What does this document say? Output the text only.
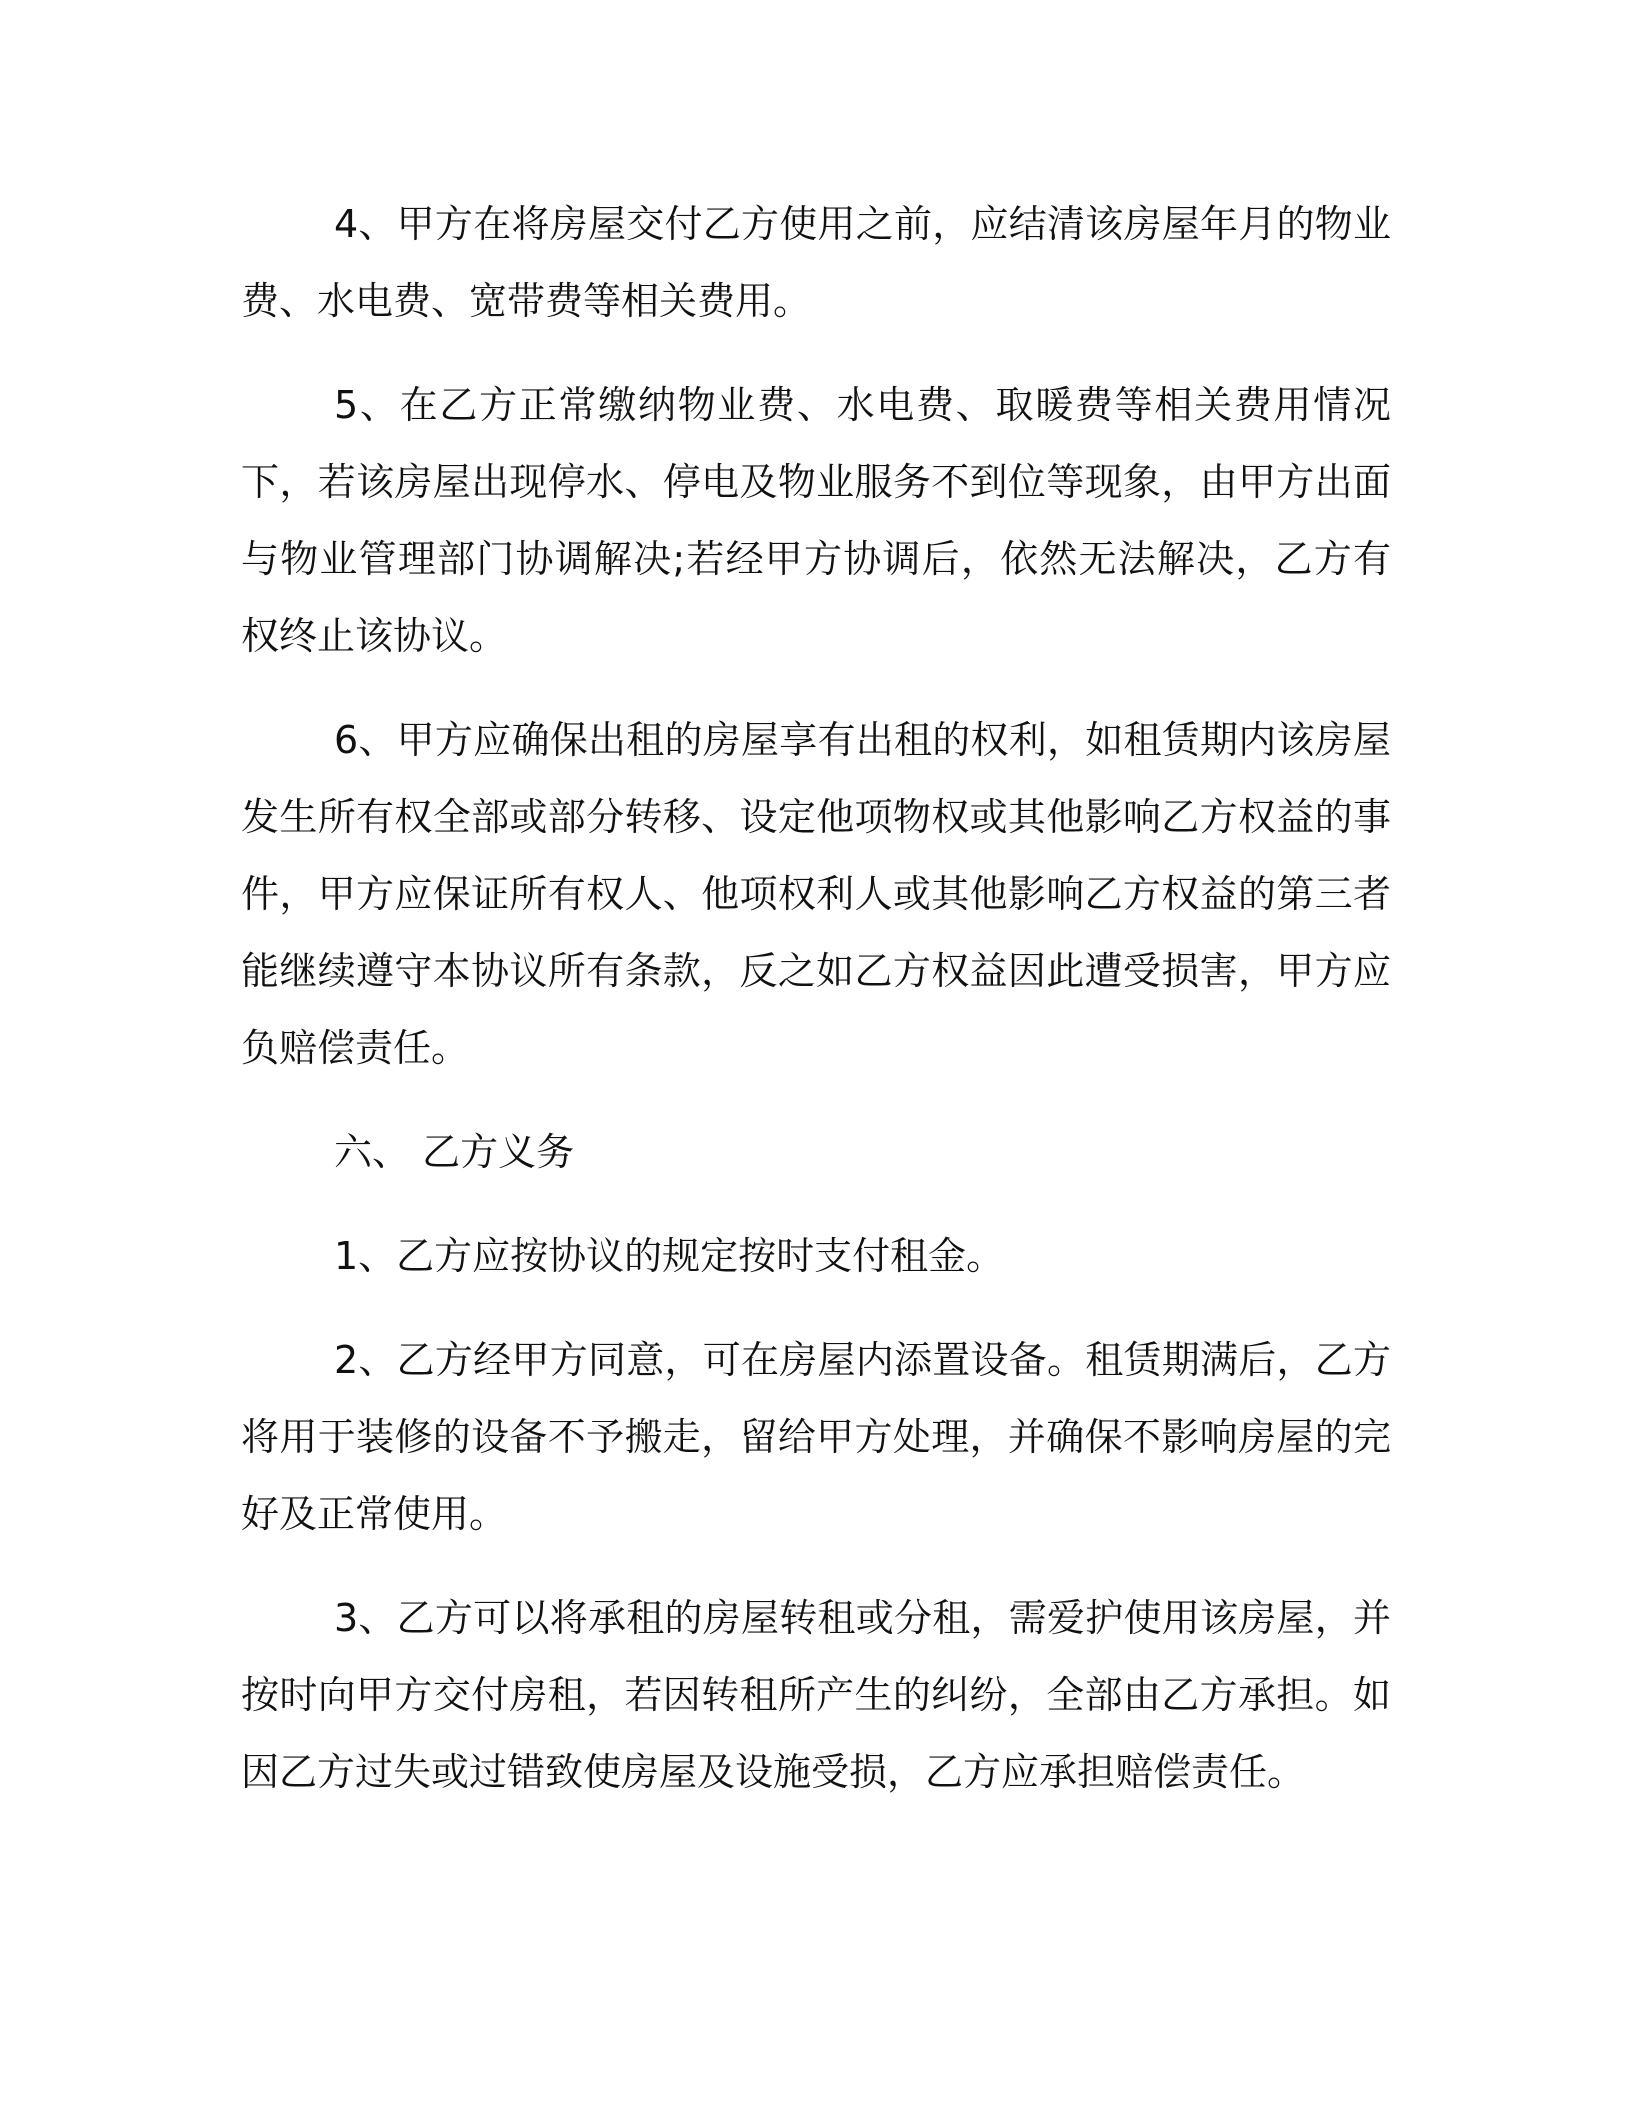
4、甲方在将房屋交付乙方使用之前，应结清该房屋年月的物业费、水电费、宽带费等相关费用。

5、在乙方正常缴纳物业费、水电费、取暖费等相关费用情况下，若该房屋出现停水、停电及物业服务不到位等现象，由甲方出面与物业管理部门协调解决;若经甲方协调后，依然无法解决，乙方有权终止该协议。

6、甲方应确保出租的房屋享有出租的权利，如租赁期内该房屋发生所有权全部或部分转移、设定他项物权或其他影响乙方权益的事件，甲方应保证所有权人、他项权利人或其他影响乙方权益的第三者能继续遵守本协议所有条款，反之如乙方权益因此遭受损害，甲方应负赔偿责任。

六、 乙方义务

1、乙方应按协议的规定按时支付租金。

2、乙方经甲方同意，可在房屋内添置设备。租赁期满后，乙方将用于装修的设备不予搬走，留给甲方处理，并确保不影响房屋的完好及正常使用。

3、乙方可以将承租的房屋转租或分租，需爱护使用该房屋，并按时向甲方交付房租，若因转租所产生的纠纷，全部由乙方承担。如因乙方过失或过错致使房屋及设施受损，乙方应承担赔偿责任。
